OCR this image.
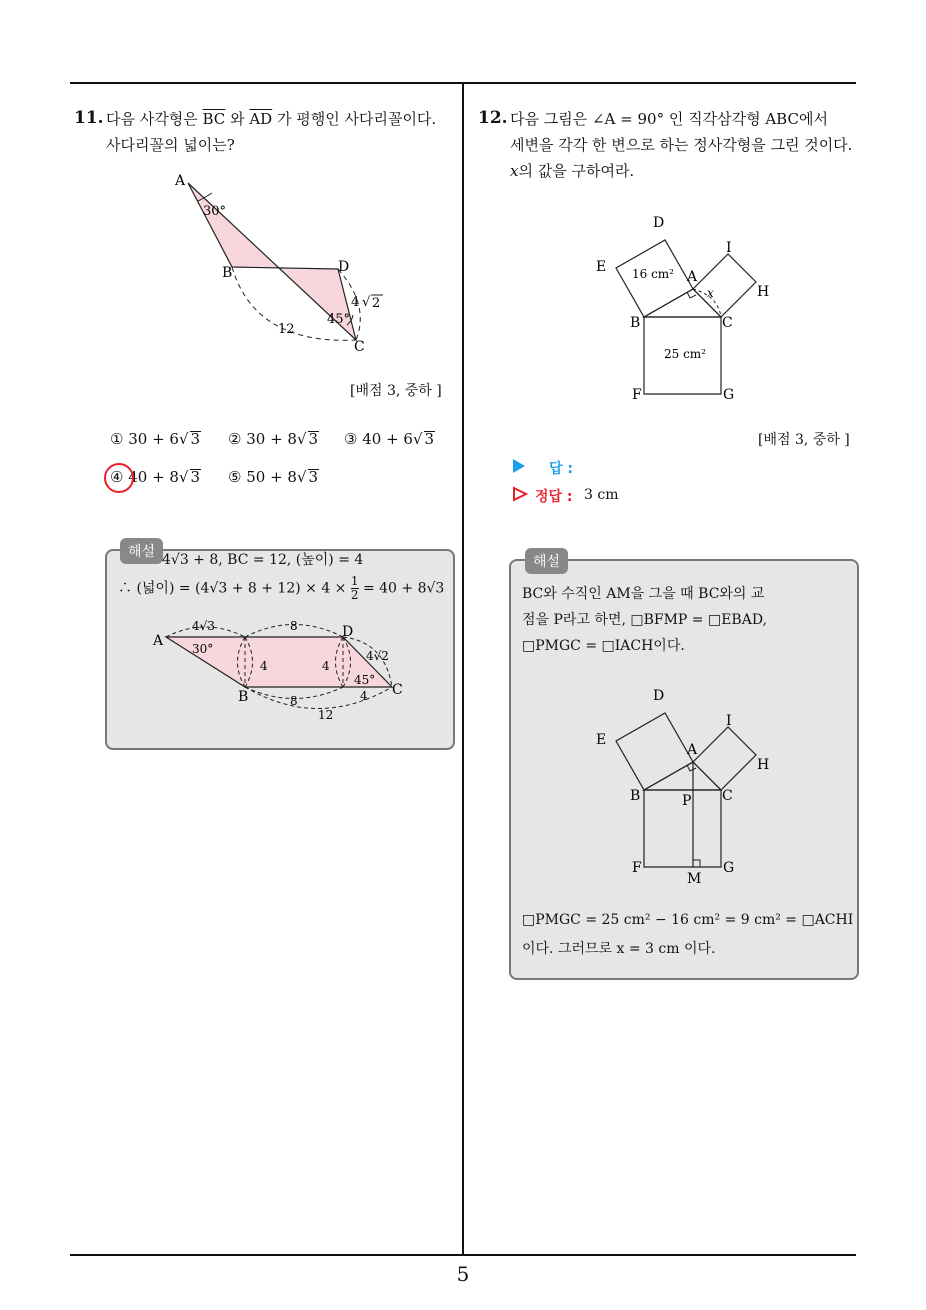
5
11. 다음 사각형은 $\overline{BC}$ 와 $\overline{AD}$ 가 평행인 사다리꼴이다.
사다리꼴의 넓이는?
A
B	D
C
30°
45°
12
4 √ 2
[배점 3, 중하 ]
① 30 + 6√ 3 ② 30 + 8√ 3 ③ 40 + 6√ 3
④ 40 + 8√ 3 ⑤ 50 + 8√ 3
해설 4√3 + 8, BC = 12, (높이) = 4
∴ (넓이) = $(4√3 + 8 + 12) \times 4 \times \frac{1}{2} = 40 + 8√3$
A
B
D
C
4√3	8
4	4
4√2
8	4
12
30°
45°
12. 다음 그림은 ∠A = 90° 인 직각삼각형 ABC에서
세변을 각각 한 변으로 하는 정사각형을 그린 것이다.
x의 값을 구하여라.
D
E
I
A
H
B	C
F	G
x
16 cm²
25 cm²
[배점 3, 중하 ]
답 :
정답 : 3 cm
해설
BC와 수직인 AM을 그을 때 BC와의 교
점을 P라고 하면, □BFMP = □EBAD,
□PMGC = □IACH이다.
D
E
I
A
H
B	P C
F
M
G
□PMGC = 25 cm² − 16 cm² = 9 cm² = □ACHI
이다. 그러므로 x = 3 cm 이다.
